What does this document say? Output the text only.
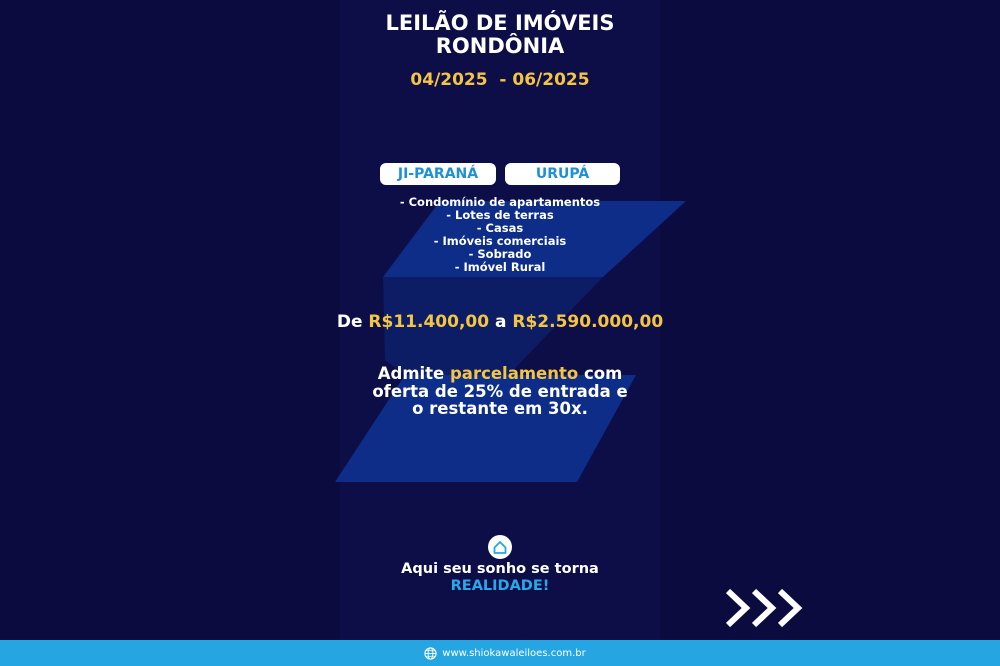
LEILÃO DE IMÓVEIS
RONDÔNIA
04/2025  - 06/2025
JI-PARANÁ	URUPÁ
- Condomínio de apartamentos
- Lotes de terras
- Casas
- Imóveis comerciais
- Sobrado
- Imóvel Rural
De R$11.400,00 a R$2.590.000,00
Admite parcelamento com oferta de 25% de entrada e o restante em 30x.
Aqui seu sonho se torna
REALIDADE!
www.shiokawaleiloes.com.br
